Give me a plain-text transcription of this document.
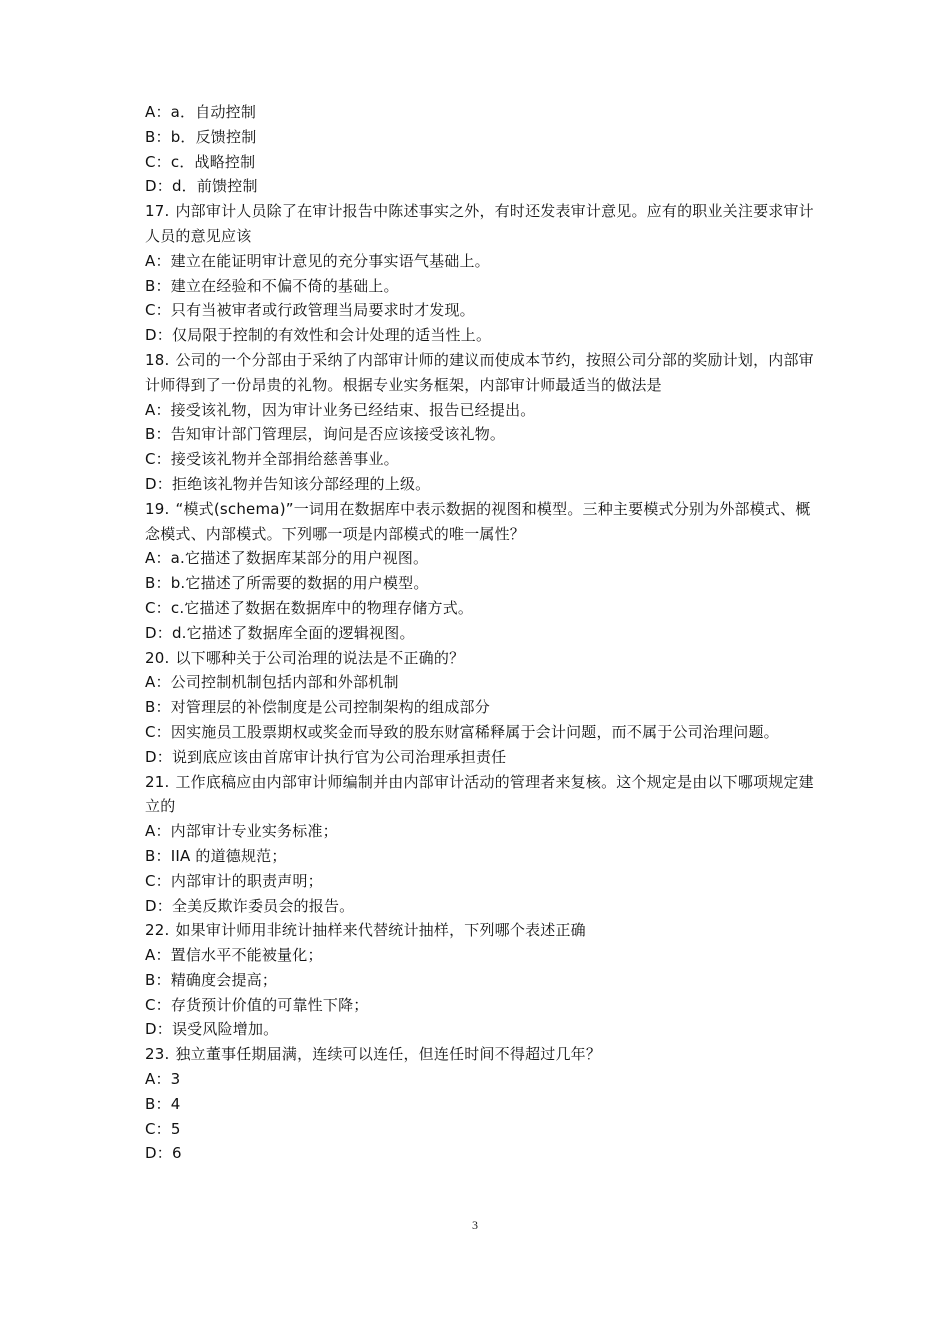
A：a．自动控制

B：b．反馈控制

C：c．战略控制

D：d．前馈控制

17. 内部审计人员除了在审计报告中陈述事实之外，有时还发表审计意见。应有的职业关注要求审计人员的意见应该

A：建立在能证明审计意见的充分事实语气基础上。

B：建立在经验和不偏不倚的基础上。

C：只有当被审者或行政管理当局要求时才发现。

D：仅局限于控制的有效性和会计处理的适当性上。

18. 公司的一个分部由于采纳了内部审计师的建议而使成本节约，按照公司分部的奖励计划，内部审计师得到了一份昂贵的礼物。根据专业实务框架，内部审计师最适当的做法是

A：接受该礼物，因为审计业务已经结束、报告已经提出。

B：告知审计部门管理层，询问是否应该接受该礼物。

C：接受该礼物并全部捐给慈善事业。

D：拒绝该礼物并告知该分部经理的上级。

19. “模式(schema)”一词用在数据库中表示数据的视图和模型。三种主要模式分别为外部模式、概念模式、内部模式。下列哪一项是内部模式的唯一属性？

A：a.它描述了数据库某部分的用户视图。

B：b.它描述了所需要的数据的用户模型。

C：c.它描述了数据在数据库中的物理存储方式。

D：d.它描述了数据库全面的逻辑视图。

20. 以下哪种关于公司治理的说法是不正确的？

A：公司控制机制包括内部和外部机制

B：对管理层的补偿制度是公司控制架构的组成部分

C：因实施员工股票期权或奖金而导致的股东财富稀释属于会计问题，而不属于公司治理问题。

D：说到底应该由首席审计执行官为公司治理承担责任

21. 工作底稿应由内部审计师编制并由内部审计活动的管理者来复核。这个规定是由以下哪项规定建立的

A：内部审计专业实务标准；

B：IIA 的道德规范；

C：内部审计的职责声明；

D：全美反欺诈委员会的报告。

22. 如果审计师用非统计抽样来代替统计抽样，下列哪个表述正确

A：置信水平不能被量化；

B：精确度会提高；

C：存货预计价值的可靠性下降；

D：误受风险增加。

23. 独立董事任期届满，连续可以连任，但连任时间不得超过几年？

A：3

B：4

C：5

D：6

3
